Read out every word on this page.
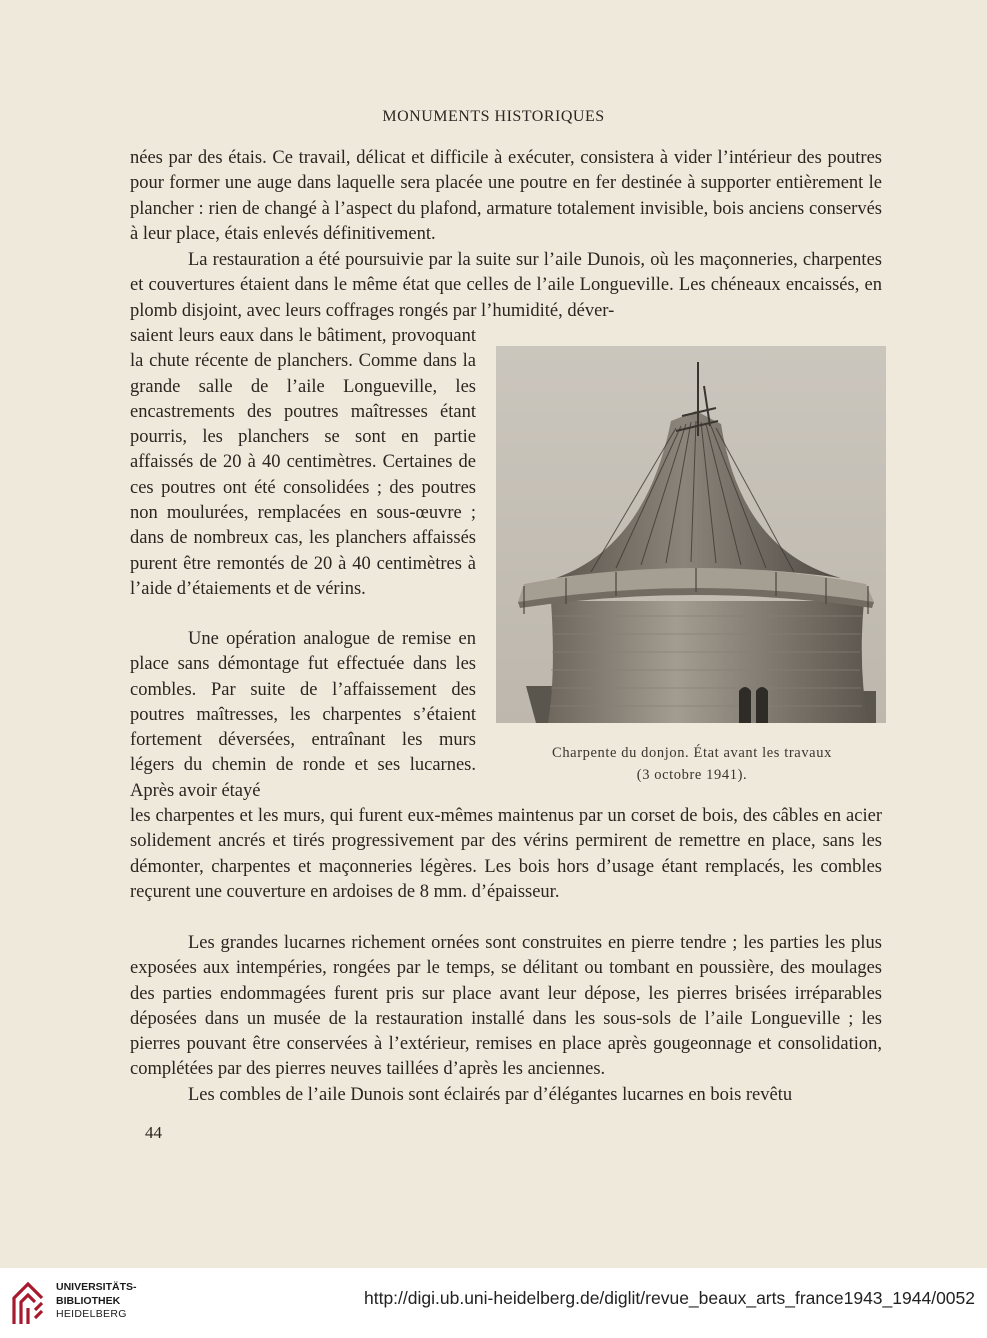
MONUMENTS HISTORIQUES

nées par des étais. Ce travail, délicat et difficile à exécuter, consistera à vider l’intérieur des poutres pour former une auge dans laquelle sera placée une poutre en fer destinée à supporter entièrement le plancher : rien de changé à l’aspect du plafond, armature totalement invisible, bois anciens conservés à leur place, étais enlevés définitivement.

La restauration a été poursuivie par la suite sur l’aile Dunois, où les maçonneries, charpentes et couvertures étaient dans le même état que celles de l’aile Longueville. Les chéneaux encaissés, en plomb disjoint, avec leurs coffrages rongés par l’humidité, déver-

saient leurs eaux dans le bâtiment, provoquant la chute récente de planchers. Comme dans la grande salle de l’aile Longueville, les encastrements des poutres maîtresses étant pourris, les planchers se sont en partie affaissés de 20 à 40 centimètres. Certaines de ces poutres ont été consolidées ; des poutres non moulurées, remplacées en sous-œuvre ; dans de nombreux cas, les planchers affaissés purent être remontés de 20 à 40 centimètres à l’aide d’étaiements et de vérins.

Une opération analogue de remise en place sans démontage fut effectuée dans les combles. Par suite de l’affaissement des poutres maîtresses, les charpentes s’étaient fortement déversées, entraînant les murs légers du chemin de ronde et ses lucarnes. Après avoir étayé

les charpentes et les murs, qui furent eux-mêmes maintenus par un corset de bois, des câbles en acier solidement ancrés et tirés progressivement par des vérins permirent de remettre en place, sans les démonter, charpentes et maçonneries légères. Les bois hors d’usage étant remplacés, les combles reçurent une couverture en ardoises de 8 mm. d’épaisseur.

Les grandes lucarnes richement ornées sont construites en pierre tendre ; les parties les plus exposées aux intempéries, rongées par le temps, se délitant ou tombant en poussière, des moulages des parties endommagées furent pris sur place avant leur dépose, les pierres brisées irréparables déposées dans un musée de la restauration installé dans les sous-sols de l’aile Longueville ; les pierres pouvant être conservées à l’extérieur, remises en place après gougeonnage et consolidation, complétées par des pierres neuves taillées d’après les anciennes.

Les combles de l’aile Dunois sont éclairés par d’élégantes lucarnes en bois revêtu

Charpente du donjon. État avant les travaux
(3 octobre 1941).
44
UNIVERSITÄTS-
BIBLIOTHEK
HEIDELBERG
http://digi.ub.uni-heidelberg.de/diglit/revue_beaux_arts_france1943_1944/0052
